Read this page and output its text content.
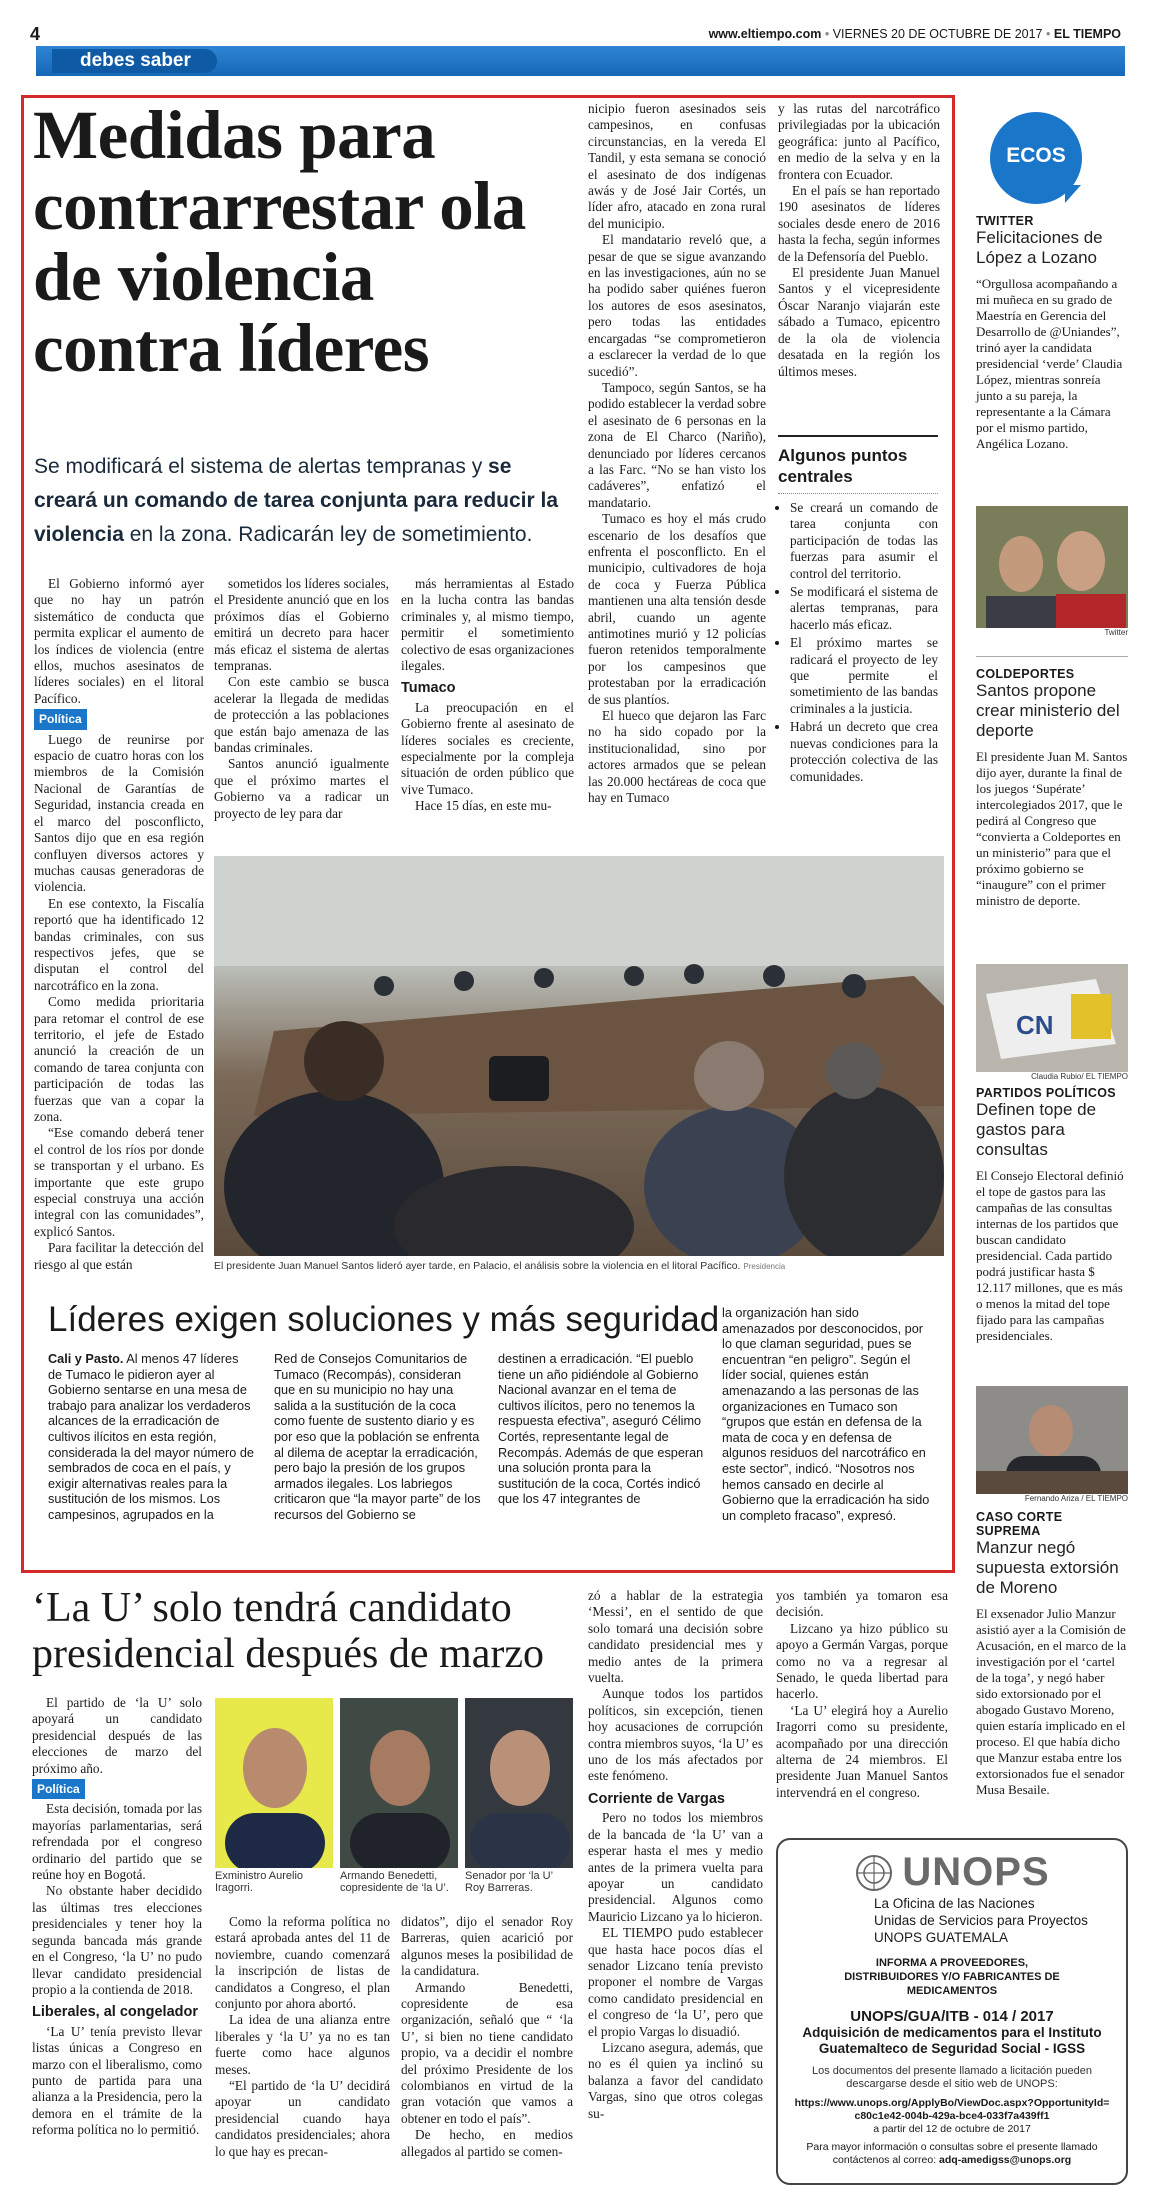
4	www.eltiempo.com • VIERNES 20 DE OCTUBRE DE 2017 • EL TIEMPO
debes saber
Medidas para contrarrestar ola de violencia contra líderes
Se modificará el sistema de alertas tempranas y se creará un comando de tarea conjunta para reducir la violencia en la zona. Radicarán ley de sometimiento.

El Gobierno informó ayer que no hay un patrón sistemático de conducta que permita explicar el aumento de los índices de violencia (entre ellos, muchos asesinatos de líderes sociales) en el litoral Pacífico.

Política

Luego de reunirse por espacio de cuatro horas con los miembros de la Comisión Nacional de Garantías de Seguridad, instancia creada en el marco del posconflicto, Santos dijo que en esa región confluyen diversos actores y muchas causas generadoras de violencia.

En ese contexto, la Fiscalía reportó que ha identificado 12 bandas criminales, con sus respectivos jefes, que se disputan el control del narcotráfico en la zona.

Como medida prioritaria para retomar el control de ese territorio, el jefe de Estado anunció la creación de un comando de tarea conjunta con participación de todas las fuerzas que van a copar la zona.

“Ese comando deberá tener el control de los ríos por donde se transportan y el urbano. Es importante que este grupo especial construya una acción integral con las comunidades”, explicó Santos.

Para facilitar la detección del riesgo al que están

sometidos los líderes sociales, el Presidente anunció que en los próximos días el Gobierno emitirá un decreto para hacer más eficaz el sistema de alertas tempranas.

Con este cambio se busca acelerar la llegada de medidas de protección a las poblaciones que están bajo amenaza de las bandas criminales.

Santos anunció igualmente que el próximo martes el Gobierno va a radicar un proyecto de ley para dar

más herramientas al Estado en la lucha contra las bandas criminales y, al mismo tiempo, permitir el sometimiento colectivo de esas organizaciones ilegales.

Tumaco

La preocupación en el Gobierno frente al asesinato de líderes sociales es creciente, especialmente por la compleja situación de orden público que vive Tumaco.

Hace 15 días, en este mu-

nicipio fueron asesinados seis campesinos, en confusas circunstancias, en la vereda El Tandil, y esta semana se conoció el asesinato de dos indígenas awás y de José Jair Cortés, un líder afro, atacado en zona rural del municipio.

El mandatario reveló que, a pesar de que se sigue avanzando en las investigaciones, aún no se ha podido saber quiénes fueron los autores de esos asesinatos, pero todas las entidades encargadas “se comprometieron a esclarecer la verdad de lo que sucedió”.

Tampoco, según Santos, se ha podido establecer la verdad sobre el asesinato de 6 personas en la zona de El Charco (Nariño), denunciado por líderes cercanos a las Farc. “No se han visto los cadáveres”, enfatizó el mandatario.

Tumaco es hoy el más crudo escenario de los desafíos que enfrenta el posconflicto. En el municipio, cultivadores de hoja de coca y Fuerza Pública mantienen una alta tensión desde abril, cuando un agente antimotines murió y 12 policías fueron retenidos temporalmente por los campesinos que protestaban por la erradicación de sus plantíos.

El hueco que dejaron las Farc no ha sido copado por la institucionalidad, sino por actores armados que se pelean las 20.000 hectáreas de coca que hay en Tumaco

y las rutas del narcotráfico privilegiadas por la ubicación geográfica: junto al Pacífico, en medio de la selva y en la frontera con Ecuador.

En el país se han reportado 190 asesinatos de líderes sociales desde enero de 2016 hasta la fecha, según informes de la Defensoría del Pueblo.

El presidente Juan Manuel Santos y el vicepresidente Óscar Naranjo viajarán este sábado a Tumaco, epicentro de la ola de violencia desatada en la región los últimos meses.

Algunos puntos centrales
• Se creará un comando de tarea conjunta con participación de todas las fuerzas para asumir el control del territorio.
• Se modificará el sistema de alertas tempranas, para hacerlo más eficaz.
• El próximo martes se radicará el proyecto de ley que permite el sometimiento de las bandas criminales a la justicia.
• Habrá un decreto que crea nuevas condiciones para la protección colectiva de las comunidades.
El presidente Juan Manuel Santos lideró ayer tarde, en Palacio, el análisis sobre la violencia en el litoral Pacífico. Presidencia
Líderes exigen soluciones y más seguridad
Cali y Pasto. Al menos 47 líderes de Tumaco le pidieron ayer al Gobierno sentarse en una mesa de trabajo para analizar los verdaderos alcances de la erradicación de cultivos ilícitos en esta región, considerada la del mayor número de sembrados de coca en el país, y exigir alternativas reales para la sustitución de los mismos. Los campesinos, agrupados en la
Red de Consejos Comunitarios de Tumaco (Recompás), consideran que en su municipio no hay una salida a la sustitución de la coca como fuente de sustento diario y es por eso que la población se enfrenta al dilema de aceptar la erradicación, pero bajo la presión de los grupos armados ilegales. Los labriegos criticaron que “la mayor parte” de los recursos del Gobierno se
destinen a erradicación. “El pueblo tiene un año pidiéndole al Gobierno Nacional avanzar en el tema de cultivos ilícitos, pero no tenemos la respuesta efectiva”, aseguró Célimo Cortés, representante legal de Recompás. Además de que esperan una solución pronta para la sustitución de la coca, Cortés indicó que los 47 integrantes de
la organización han sido amenazados por desconocidos, por lo que claman seguridad, pues se encuentran “en peligro”. Según el líder social, quienes están amenazando a las personas de las organizaciones en Tumaco son “grupos que están en defensa de la mata de coca y en defensa de algunos residuos del narcotráfico en este sector”, indicó. “Nosotros nos hemos cansado en decirle al Gobierno que la erradicación ha sido un completo fracaso”, expresó.
‘La U’ solo tendrá candidato presidencial después de marzo

El partido de ‘la U’ solo apoyará un candidato presidencial después de las elecciones de marzo del próximo año.

Política

Esta decisión, tomada por las mayorías parlamentarias, será refrendada por el congreso ordinario del partido que se reúne hoy en Bogotá.

No obstante haber decidido las últimas tres elecciones presidenciales y tener hoy la segunda bancada más grande en el Congreso, ‘la U’ no pudo llevar candidato presidencial propio a la contienda de 2018.

Liberales, al congelador

‘La U’ tenía previsto llevar listas únicas a Congreso en marzo con el liberalismo, como punto de partida para una alianza a la Presidencia, pero la demora en el trámite de la reforma política no lo permitió.

Exministro Aurelio Iragorri.
Armando Benedetti, copresidente de ‘la U’.
Senador por ‘la U’ Roy Barreras.

Como la reforma política no estará aprobada antes del 11 de noviembre, cuando comenzará la inscripción de listas de candidatos a Congreso, el plan conjunto por ahora abortó.

La idea de una alianza entre liberales y ‘la U’ ya no es tan fuerte como hace algunos meses.

“El partido de ‘la U’ decidirá apoyar un candidato presidencial cuando haya candidatos presidenciales; ahora lo que hay es precan-

didatos”, dijo el senador Roy Barreras, quien acarició por algunos meses la posibilidad de la candidatura.

Armando Benedetti, copresidente de esa organización, señaló que “ ‘la U’, si bien no tiene candidato propio, va a decidir el nombre del próximo Presidente de los colombianos en virtud de la gran votación que vamos a obtener en todo el país”.

De hecho, en medios allegados al partido se comen-

zó a hablar de la estrategia ‘Messi’, en el sentido de que solo tomará una decisión sobre candidato presidencial mes y medio antes de la primera vuelta.

Aunque todos los partidos políticos, sin excepción, tienen hoy acusaciones de corrupción contra miembros suyos, ‘la U’ es uno de los más afectados por este fenómeno.

Corriente de Vargas

Pero no todos los miembros de la bancada de ‘la U’ van a esperar hasta el mes y medio antes de la primera vuelta para apoyar un candidato presidencial. Algunos como Mauricio Lizcano ya lo hicieron.

EL TIEMPO pudo establecer que hasta hace pocos días el senador Lizcano tenía previsto proponer el nombre de Vargas como candidato presidencial en el congreso de ‘la U’, pero que el propio Vargas lo disuadió.

Lizcano asegura, además, que no es él quien ya inclinó su balanza a favor del candidato Vargas, sino que otros colegas su-

yos también ya tomaron esa decisión.

Lizcano ya hizo público su apoyo a Germán Vargas, porque como no va a regresar al Senado, le queda libertad para hacerlo.

‘La U’ elegirá hoy a Aurelio Iragorri como su presidente, acompañado por una dirección alterna de 24 miembros. El presidente Juan Manuel Santos intervendrá en el congreso.

UNOPS
La Oficina de las Naciones
Unidas de Servicios para Proyectos
UNOPS GUATEMALA
INFORMA A PROVEEDORES, DISTRIBUIDORES Y/O FABRICANTES DE MEDICAMENTOS
UNOPS/GUA/ITB - 014 / 2017
Adquisición de medicamentos para el Instituto Guatemalteco de Seguridad Social - IGSS
Los documentos del presente llamado a licitación pueden descargarse desde el sitio web de UNOPS:
https://www.unops.org/ApplyBo/ViewDoc.aspx?OpportunityId=c80c1e42-004b-429a-bce4-033f7a439ff1
a partir del 12 de octubre de 2017
Para mayor información o consultas sobre el presente llamado contáctenos al correo: adq-amedigss@unops.org
ECOS
TWITTER
Felicitaciones de López a Lozano
“Orgullosa acompañando a mi muñeca en su grado de Maestría en Gerencia del Desarrollo de @Uniandes”, trinó ayer la candidata presidencial ‘verde’ Claudia López, mientras sonreía junto a su pareja, la representante a la Cámara por el mismo partido, Angélica Lozano.
Twitter
COLDEPORTES
Santos propone crear ministerio del deporte
El presidente Juan M. Santos dijo ayer, durante la final de los juegos ‘Supérate’ intercolegiados 2017, que le pedirá al Congreso que “convierta a Coldeportes en un ministerio” para que el próximo gobierno se “inaugure” con el primer ministro de deporte.
CN
Claudia Rubio/ EL TIEMPO
PARTIDOS POLÍTICOS
Definen tope de gastos para consultas
El Consejo Electoral definió el tope de gastos para las campañas de las consultas internas de los partidos que buscan candidato presidencial. Cada partido podrá justificar hasta $ 12.117 millones, que es más o menos la mitad del tope fijado para las campañas presidenciales.
Fernando Ariza / EL TIEMPO
CASO CORTE SUPREMA
Manzur negó supuesta extorsión de Moreno
El exsenador Julio Manzur asistió ayer a la Comisión de Acusación, en el marco de la investigación por el ‘cartel de la toga’, y negó haber sido extorsionado por el abogado Gustavo Moreno, quien estaría implicado en el proceso. El que había dicho que Manzur estaba entre los extorsionados fue el senador Musa Besaile.
